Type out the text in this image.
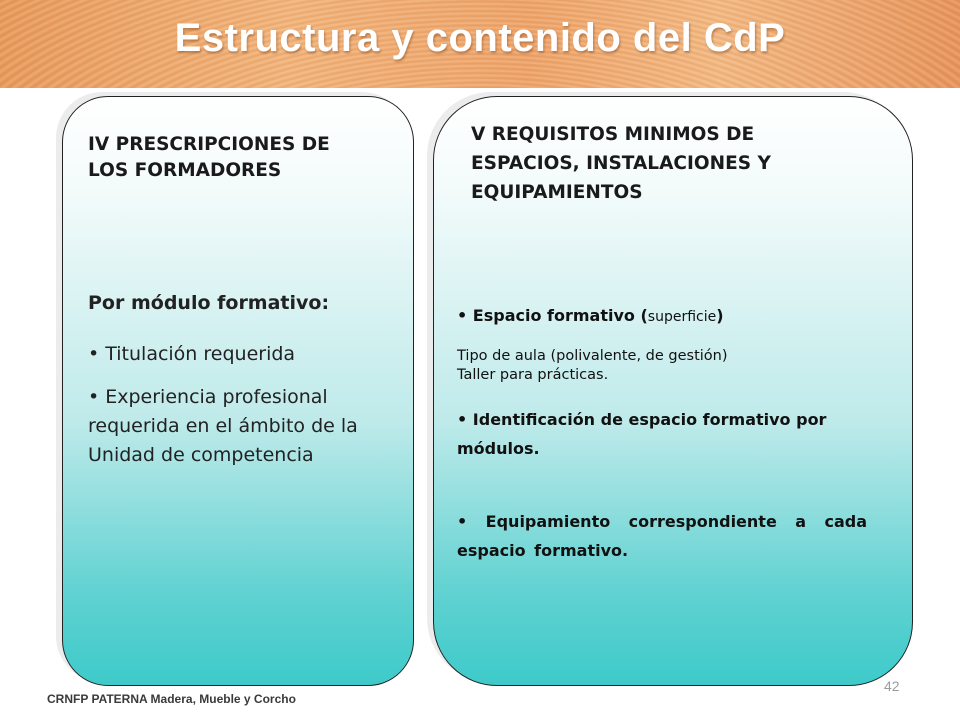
Estructura y contenido del CdP
IV PRESCRIPCIONES DE
LOS FORMADORES
Por módulo formativo:
• Titulación requerida
• Experiencia profesional requerida en el ámbito de la Unidad de competencia
V REQUISITOS MINIMOS DE
ESPACIOS, INSTALACIONES Y
EQUIPAMIENTOS
• Espacio formativo (superficie)
Tipo de aula (polivalente, de gestión)
Taller para prácticas.
• Identificación de espacio formativo por módulos.
• Equipamiento correspondiente a cada espacio formativo.
CRNFP PATERNA Madera, Mueble y Corcho
42
